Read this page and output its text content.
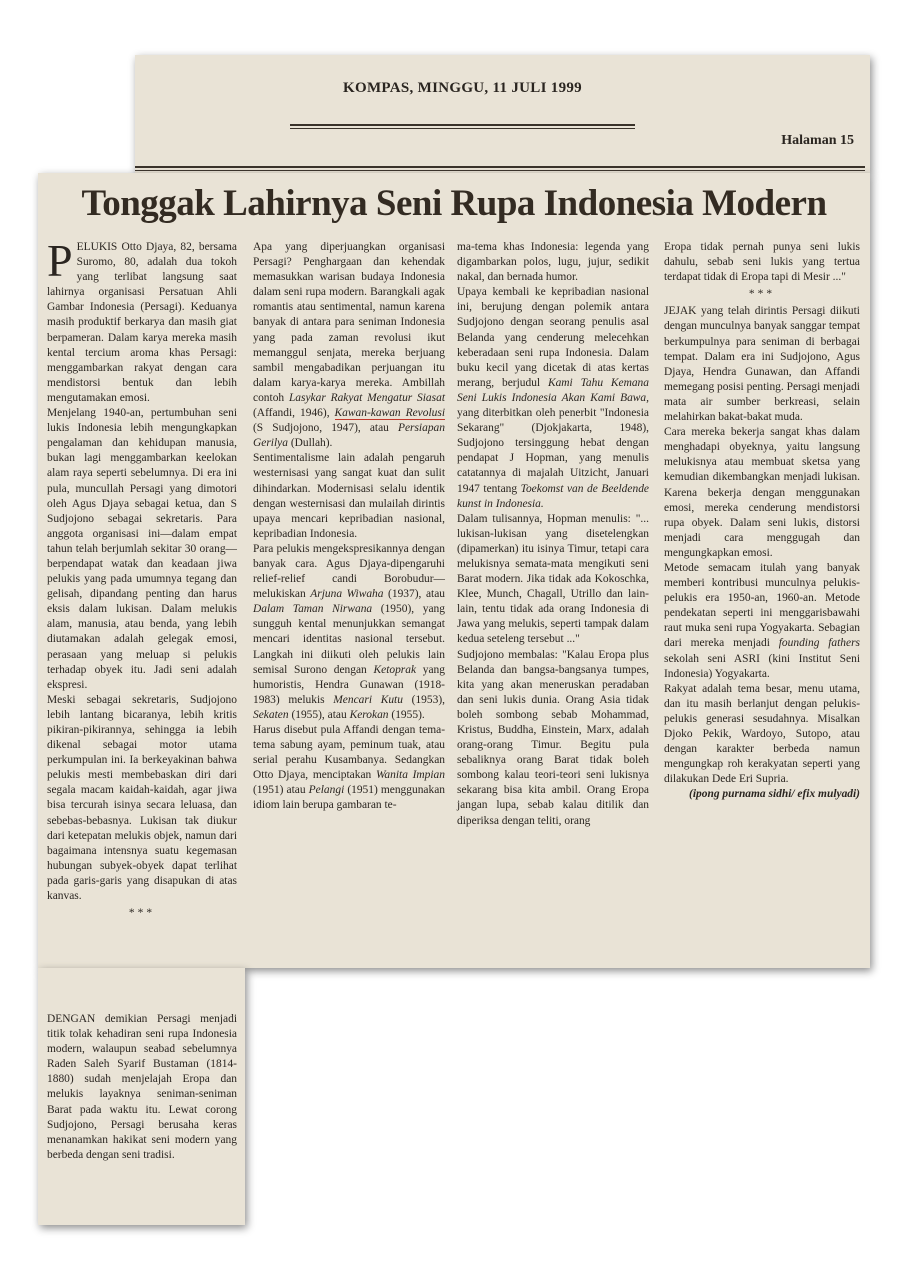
KOMPAS, MINGGU, 11 JULI 1999
Halaman 15
Tonggak Lahirnya Seni Rupa Indonesia Modern

PELUKIS Otto Djaya, 82, bersama Suromo, 80, adalah dua tokoh yang terlibat langsung saat lahirnya organisasi Persatuan Ahli Gambar Indonesia (Persagi). Keduanya masih produktif berkarya dan masih giat berpameran. Dalam karya mereka masih kental tercium aroma khas Persagi: menggambarkan rakyat dengan cara mendistorsi bentuk dan lebih mengutamakan emosi.

Menjelang 1940-an, pertumbuhan seni lukis Indonesia lebih mengungkapkan pengalaman dan kehidupan manusia, bukan lagi menggambarkan keelokan alam raya seperti sebelumnya. Di era ini pula, muncullah Persagi yang dimotori oleh Agus Djaya sebagai ketua, dan S Sudjojono sebagai sekretaris. Para anggota organisasi ini—dalam empat tahun telah berjumlah sekitar 30 orang—berpendapat watak dan keadaan jiwa pelukis yang pada umumnya tegang dan gelisah, dipandang penting dan harus eksis dalam lukisan. Dalam melukis alam, manusia, atau benda, yang lebih diutamakan adalah gelegak emosi, perasaan yang meluap si pelukis terhadap obyek itu. Jadi seni adalah ekspresi.

Meski sebagai sekretaris, Sudjojono lebih lantang bicaranya, lebih kritis pikiran-pikirannya, sehingga ia lebih dikenal sebagai motor utama perkumpulan ini. Ia berkeyakinan bahwa pelukis mesti membebaskan diri dari segala macam kaidah-kaidah, agar jiwa bisa tercurah isinya secara leluasa, dan sebebas-bebasnya. Lukisan tak diukur dari ketepatan melukis objek, namun dari bagaimana intensnya suatu kegemasan hubungan subyek-obyek dapat terlihat pada garis-garis yang disapukan di atas kanvas.

***

DENGAN demikian Persagi menjadi titik tolak kehadiran seni rupa Indonesia modern, walaupun seabad sebelumnya Raden Saleh Syarif Bustaman (1814-1880) sudah menjelajah Eropa dan melukis layaknya seniman-seniman Barat pada waktu itu. Lewat corong Sudjojono, Persagi berusaha keras menanamkan hakikat seni modern yang berbeda dengan seni tradisi.

Apa yang diperjuangkan organisasi Persagi? Penghargaan dan kehendak memasukkan warisan budaya Indonesia dalam seni rupa modern. Barangkali agak romantis atau sentimental, namun karena banyak di antara para seniman Indonesia yang pada zaman revolusi ikut memanggul senjata, mereka berjuang sambil mengabadikan perjuangan itu dalam karya-karya mereka. Ambillah contoh Lasykar Rakyat Mengatur Siasat (Affandi, 1946), Kawan-kawan Revolusi (S Sudjojono, 1947), atau Persiapan Gerilya (Dullah).

Sentimentalisme lain adalah pengaruh westernisasi yang sangat kuat dan sulit dihindarkan. Modernisasi selalu identik dengan westernisasi dan mulailah dirintis upaya mencari kepribadian nasional, kepribadian Indonesia.

Para pelukis mengekspresikannya dengan banyak cara. Agus Djaya-dipengaruhi relief-relief candi Borobudur—melukiskan Arjuna Wiwaha (1937), atau Dalam Taman Nirwana (1950), yang sungguh kental menunjukkan semangat mencari identitas nasional tersebut. Langkah ini diikuti oleh pelukis lain semisal Surono dengan Ketoprak yang humoristis, Hendra Gunawan (1918-1983) melukis Mencari Kutu (1953), Sekaten (1955), atau Kerokan (1955).

Harus disebut pula Affandi dengan tema-tema sabung ayam, peminum tuak, atau serial perahu Kusambanya. Sedangkan Otto Djaya, menciptakan Wanita Impian (1951) atau Pelangi (1951) menggunakan idiom lain berupa gambaran te-

ma-tema khas Indonesia: legenda yang digambarkan polos, lugu, jujur, sedikit nakal, dan bernada humor.

Upaya kembali ke kepribadian nasional ini, berujung dengan polemik antara Sudjojono dengan seorang penulis asal Belanda yang cenderung melecehkan keberadaan seni rupa Indonesia. Dalam buku kecil yang dicetak di atas kertas merang, berjudul Kami Tahu Kemana Seni Lukis Indonesia Akan Kami Bawa, yang diterbitkan oleh penerbit "Indonesia Sekarang" (Djokjakarta, 1948), Sudjojono tersinggung hebat dengan pendapat J Hopman, yang menulis catatannya di majalah Uitzicht, Januari 1947 tentang Toekomst van de Beeldende kunst in Indonesia.

Dalam tulisannya, Hopman menulis: "... lukisan-lukisan yang disetelengkan (dipamerkan) itu isinya Timur, tetapi cara melukisnya semata-mata mengikuti seni Barat modern. Jika tidak ada Kokoschka, Klee, Munch, Chagall, Utrillo dan lain-lain, tentu tidak ada orang Indonesia di Jawa yang melukis, seperti tampak dalam kedua seteleng tersebut ..."

Sudjojono membalas: "Kalau Eropa plus Belanda dan bangsa-bangsanya tumpes, kita yang akan meneruskan peradaban dan seni lukis dunia. Orang Asia tidak boleh sombong sebab Mohammad, Kristus, Buddha, Einstein, Marx, adalah orang-orang Timur. Begitu pula sebaliknya orang Barat tidak boleh sombong kalau teori-teori seni lukisnya sekarang bisa kita ambil. Orang Eropa jangan lupa, sebab kalau ditilik dan diperiksa dengan teliti, orang

Eropa tidak pernah punya seni lukis dahulu, sebab seni lukis yang tertua terdapat tidak di Eropa tapi di Mesir ..."

***

JEJAK yang telah dirintis Persagi diikuti dengan munculnya banyak sanggar tempat berkumpulnya para seniman di berbagai tempat. Dalam era ini Sudjojono, Agus Djaya, Hendra Gunawan, dan Affandi memegang posisi penting. Persagi menjadi mata air sumber berkreasi, selain melahirkan bakat-bakat muda.

Cara mereka bekerja sangat khas dalam menghadapi obyeknya, yaitu langsung melukisnya atau membuat sketsa yang kemudian dikembangkan menjadi lukisan. Karena bekerja dengan menggunakan emosi, mereka cenderung mendistorsi rupa obyek. Dalam seni lukis, distorsi menjadi cara menggugah dan mengungkapkan emosi.

Metode semacam itulah yang banyak memberi kontribusi munculnya pelukis-pelukis era 1950-an, 1960-an. Metode pendekatan seperti ini menggarisbawahi raut muka seni rupa Yogyakarta. Sebagian dari mereka menjadi founding fathers sekolah seni ASRI (kini Institut Seni Indonesia) Yogyakarta.

Rakyat adalah tema besar, menu utama, dan itu masih berlanjut dengan pelukis-pelukis generasi sesudahnya. Misalkan Djoko Pekik, Wardoyo, Sutopo, atau dengan karakter berbeda namun mengungkap roh kerakyatan seperti yang dilakukan Dede Eri Supria.

(ipong purnama sidhi/ efix mulyadi)
